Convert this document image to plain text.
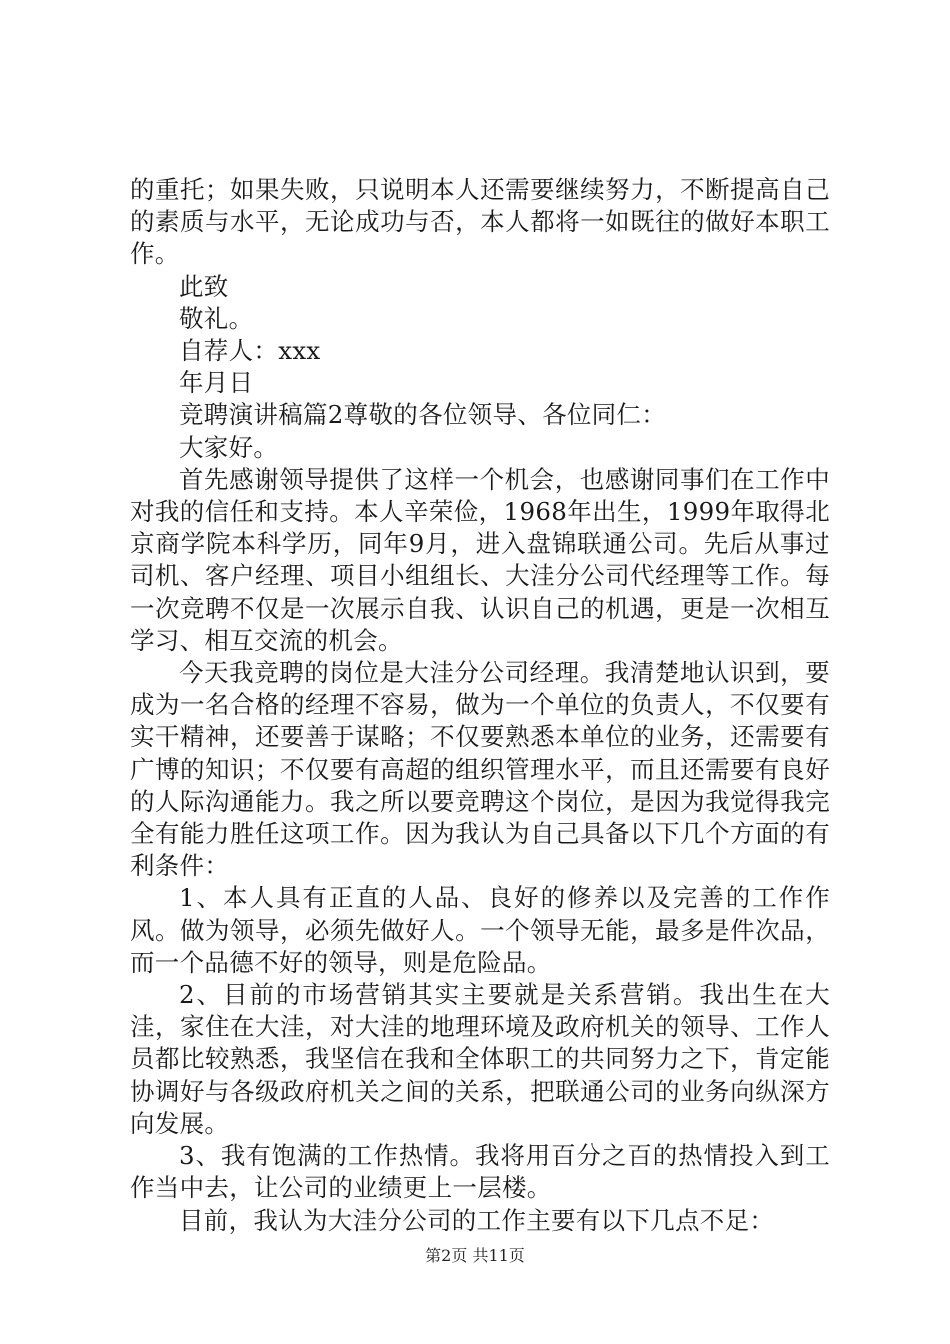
的重托；如果失败，只说明本人还需要继续努力，不断提高自己的素质与水平，无论成功与否，本人都将一如既往的做好本职工作。

此致

敬礼。

自荐人：xxx

年月日

竞聘演讲稿篇2尊敬的各位领导、各位同仁：

大家好。

首先感谢领导提供了这样一个机会，也感谢同事们在工作中对我的信任和支持。本人辛荣俭，1968年出生，1999年取得北京商学院本科学历，同年9月，进入盘锦联通公司。先后从事过司机、客户经理、项目小组组长、大洼分公司代经理等工作。每一次竞聘不仅是一次展示自我、认识自己的机遇，更是一次相互学习、相互交流的机会。

今天我竞聘的岗位是大洼分公司经理。我清楚地认识到，要成为一名合格的经理不容易，做为一个单位的负责人，不仅要有实干精神，还要善于谋略；不仅要熟悉本单位的业务，还需要有广博的知识；不仅要有高超的组织管理水平，而且还需要有良好的人际沟通能力。我之所以要竞聘这个岗位，是因为我觉得我完全有能力胜任这项工作。因为我认为自己具备以下几个方面的有利条件：

1、本人具有正直的人品、良好的修养以及完善的工作作风。做为领导，必须先做好人。一个领导无能，最多是件次品，而一个品德不好的领导，则是危险品。

2、目前的市场营销其实主要就是关系营销。我出生在大洼，家住在大洼，对大洼的地理环境及政府机关的领导、工作人员都比较熟悉，我坚信在我和全体职工的共同努力之下，肯定能协调好与各级政府机关之间的关系，把联通公司的业务向纵深方向发展。

3、我有饱满的工作热情。我将用百分之百的热情投入到工作当中去，让公司的业绩更上一层楼。

目前，我认为大洼分公司的工作主要有以下几点不足：

第2页 共11页
